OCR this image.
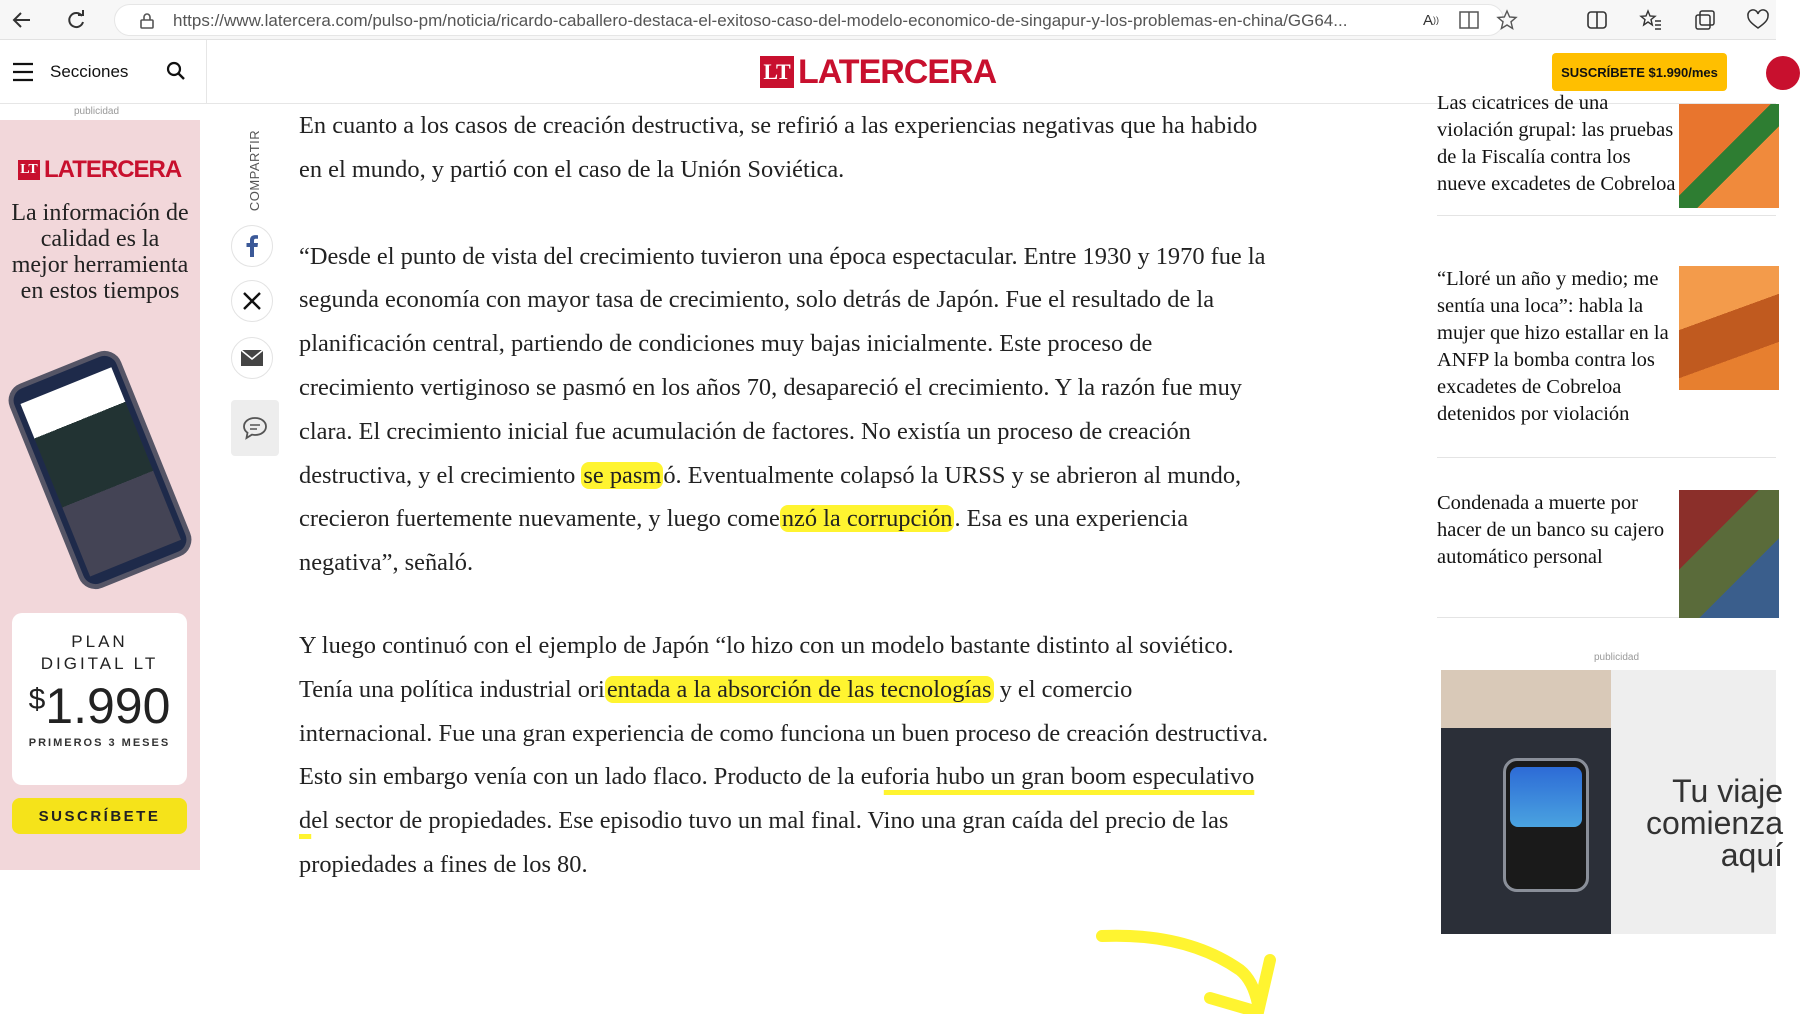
https://www.latercera.com/pulso-pm/noticia/ricardo-caballero-destaca-el-exitoso-caso-del-modelo-economico-de-singapur-y-los-problemas-en-china/GG64...	A ))
Secciones	LT LATERCERA	SUSCRÍBETE $1.990/mes
publicidad
LT LATERCERA
La información de calidad es la mejor herramienta en estos tiempos
PLAN
DIGITAL LT
$1.990
PRIMEROS 3 MESES
SUSCRÍBETE
COMPARTIR

En cuanto a los casos de creación destructiva, se refirió a las experiencias negativas que ha habido en el mundo, y partió con el caso de la Unión Soviética.

“Desde el punto de vista del crecimiento tuvieron una época espectacular. Entre 1930 y 1970 fue la segunda economía con mayor tasa de crecimiento, solo detrás de Japón. Fue el resultado de la planificación central, partiendo de condiciones muy bajas inicialmente. Este proceso de crecimiento vertiginoso se pasmó en los años 70, desapareció el crecimiento. Y la razón fue muy clara. El crecimiento inicial fue acumulación de factores. No existía un proceso de creación destructiva, y el crecimiento se pasmó. Eventualmente colapsó la URSS y se abrieron al mundo, crecieron fuertemente nuevamente, y luego comenzó la corrupción. Esa es una experiencia negativa”, señaló.

Y luego continuó con el ejemplo de Japón “lo hizo con un modelo bastante distinto al soviético. Tenía una política industrial orientada a la absorción de las tecnologías y el comercio internacional. Fue una gran experiencia de como funciona un buen proceso de creación destructiva. Esto sin embargo venía con un lado flaco. Producto de la euforia hubo un gran boom especulativo del sector de propiedades. Ese episodio tuvo un mal final. Vino una gran caída del precio de las propiedades a fines de los 80.

Las cicatrices de una violación grupal: las pruebas de la Fiscalía contra los nueve excadetes de Cobreloa
“Lloré un año y medio; me sentía una loca”: habla la mujer que hizo estallar en la ANFP la bomba contra los excadetes de Cobreloa detenidos por violación
Condenada a muerte por hacer de un banco su cajero automático personal
publicidad
Tu viaje comienza aquí
